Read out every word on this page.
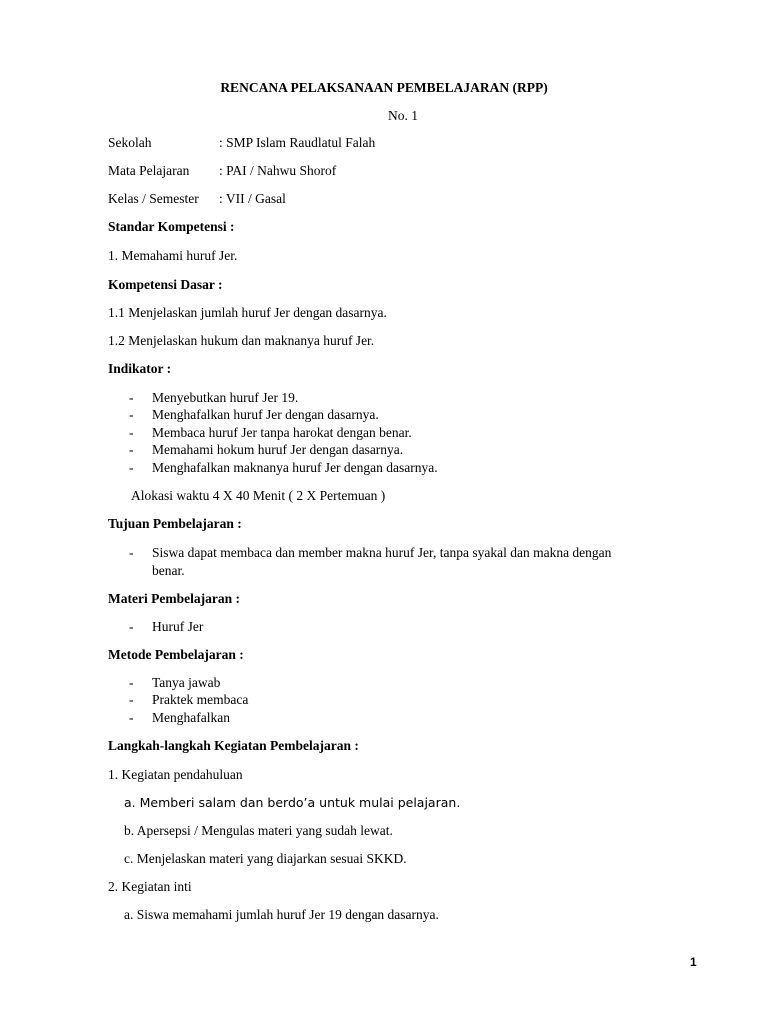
RENCANA PELAKSANAAN PEMBELAJARAN (RPP)
No. 1
Sekolah	: SMP Islam Raudlatul Falah
Mata Pelajaran : PAI / Nahwu Shorof
Kelas / Semester : VII / Gasal
Standar Kompetensi :
1. Memahami huruf Jer.
Kompetensi Dasar :
1.1 Menjelaskan jumlah huruf Jer dengan dasarnya.
1.2 Menjelaskan hukum dan maknanya huruf Jer.
Indikator :
- Menyebutkan huruf Jer 19.
- Menghafalkan huruf Jer dengan dasarnya.
- Membaca huruf Jer tanpa harokat dengan benar.
- Memahami hokum huruf Jer dengan dasarnya.
- Menghafalkan maknanya huruf Jer dengan dasarnya.
Alokasi waktu 4 X 40 Menit ( 2 X Pertemuan )
Tujuan Pembelajaran :
- Siswa dapat membaca dan member makna huruf Jer, tanpa syakal dan makna dengan
benar.
Materi Pembelajaran :
- Huruf Jer
Metode Pembelajaran :
- Tanya jawab
- Praktek membaca
- Menghafalkan
Langkah-langkah Kegiatan Pembelajaran :
1. Kegiatan pendahuluan
a. Memberi salam dan berdo’a untuk mulai pelajaran.
b. Apersepsi / Mengulas materi yang sudah lewat.
c. Menjelaskan materi yang diajarkan sesuai SKKD.
2. Kegiatan inti
a. Siswa memahami jumlah huruf Jer 19 dengan dasarnya.
1
